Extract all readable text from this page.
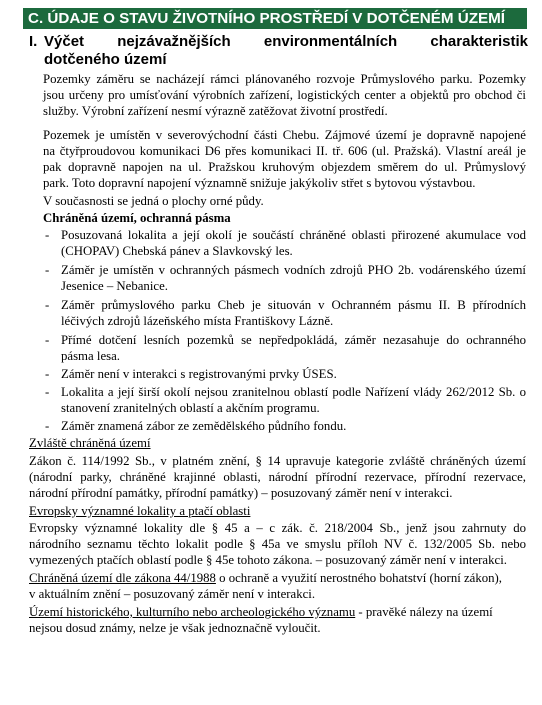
C. ÚDAJE O STAVU ŽIVOTNÍHO PROSTŘEDÍ V DOTČENÉM ÚZEMÍ
I. Výčet nejzávažnějších environmentálních charakteristik
dotčeného území
Pozemky záměru se nacházejí rámci plánovaného rozvoje Průmyslového parku. Pozemky
jsou určeny pro umísťování výrobních zařízení, logistických center a objektů pro obchod či
služby. Výrobní zařízení nesmí výrazně zatěžovat životní prostředí.
Pozemek je umístěn v severovýchodní části Chebu. Zájmové území je dopravně napojené
na čtyřproudovou komunikaci D6 přes komunikaci II. tř. 606 (ul. Pražská). Vlastní areál je
pak dopravně napojen na ul. Pražskou kruhovým objezdem směrem do ul. Průmyslový
park. Toto dopravní napojení významně snižuje jakýkoliv střet s bytovou výstavbou.
V současnosti se jedná o plochy orné půdy.
Chráněná území, ochranná pásma
- Posuzovaná lokalita a její okolí je součástí chráněné oblasti přirozené akumulace vod
(CHOPAV) Chebská pánev a Slavkovský les.
- Záměr je umístěn v ochranných pásmech vodních zdrojů PHO 2b. vodárenského území
Jesenice – Nebanice.
- Záměr průmyslového parku Cheb je situován v Ochranném pásmu II. B přírodních
léčivých zdrojů lázeňského místa Františkovy Lázně.
- Přímé dotčení lesních pozemků se nepředpokládá, záměr nezasahuje do ochranného
pásma lesa.
- Záměr není v interakci s registrovanými prvky ÚSES.
- Lokalita a její širší okolí nejsou zranitelnou oblastí podle Nařízení vlády 262/2012 Sb. o
stanovení zranitelných oblastí a akčním programu.
- Záměr znamená zábor ze zemědělského půdního fondu.
Zvláště chráněná území
Zákon č. 114/1992 Sb., v platném znění, § 14 upravuje kategorie zvláště chráněných území
(národní parky, chráněné krajinné oblasti, národní přírodní rezervace, přírodní rezervace,
národní přírodní památky, přírodní památky) – posuzovaný záměr není v interakci.
Evropsky významné lokality a ptačí oblasti
Evropsky významné lokality dle § 45 a – c zák. č. 218/2004 Sb., jenž jsou zahrnuty do
národního seznamu těchto lokalit podle § 45a ve smyslu příloh NV č. 132/2005 Sb. nebo
vymezených ptačích oblastí podle § 45e tohoto zákona. – posuzovaný záměr není v interakci.
Chráněná území dle zákona 44/1988 o ochraně a využití nerostného bohatství (horní zákon),
v aktuálním znění – posuzovaný záměr není v interakci.
Území historického, kulturního nebo archeologického významu - pravěké nálezy na území
nejsou dosud známy, nelze je však jednoznačně vyloučit.
